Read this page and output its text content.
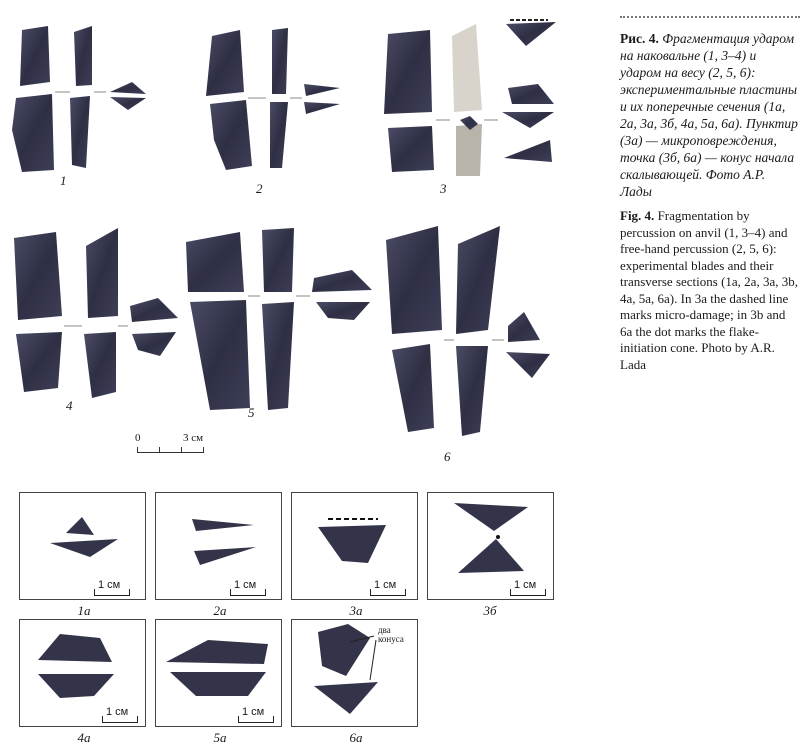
1
2	3
4	5
6
0	3 см
1 см
1а
1 см
2а
1 см
3а
1 см
3б
1 см
4а
1 см
5а
два конуса
6а

Рис. 4. Фрагментация ударом на наковальне (1, 3–4) и ударом на весу (2, 5, 6): экспериментальные пластины и их поперечные сечения (1а, 2а, 3а, 3б, 4а, 5а, 6а). Пунктир (3а) — микроповреждения, точка (3б, 6а) — конус начала скалывающей. Фото А.Р. Лады

Fig. 4. Fragmentation by percussion on anvil (1, 3–4) and free-hand percussion (2, 5, 6): experimental blades and their transverse sections (1a, 2a, 3a, 3b, 4a, 5a, 6a). In 3a the dashed line marks micro-damage; in 3b and 6a the dot marks the flake-initiation cone. Photo by A.R. Lada
